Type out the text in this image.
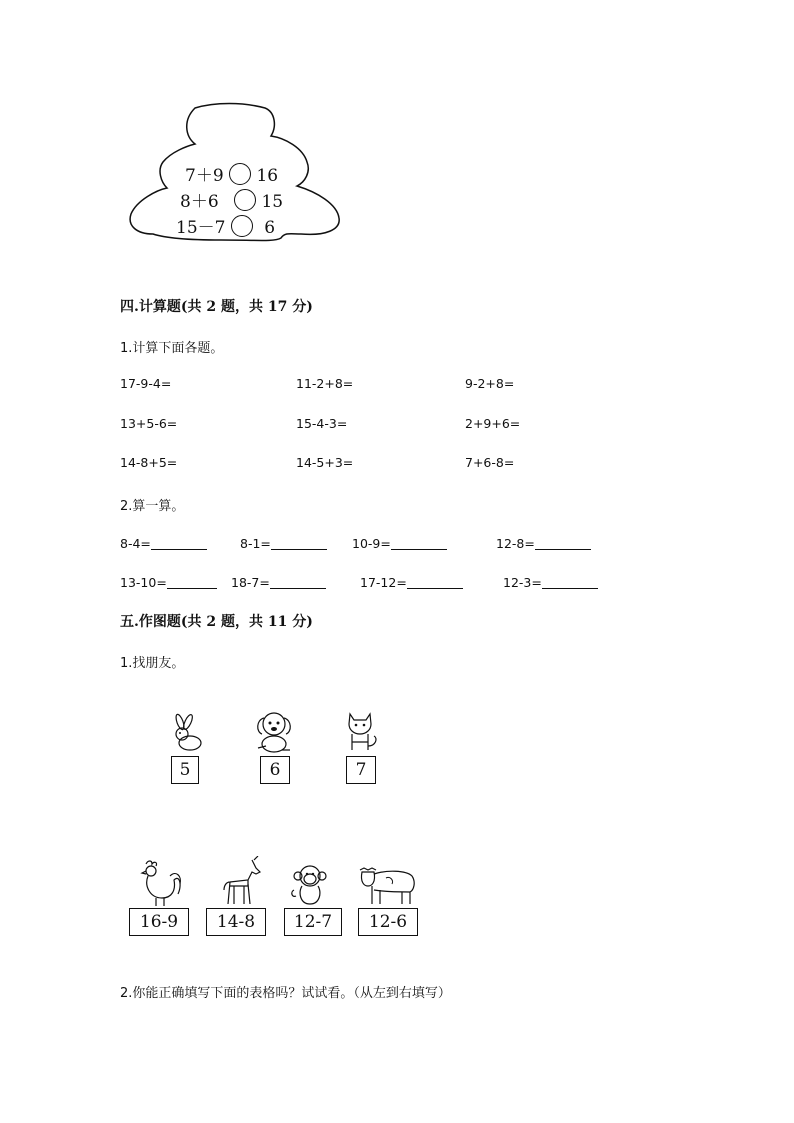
7＋9 16
8＋6	15
15－7 6
四.计算题(共 2 题，共 17 分)
1.计算下面各题。
17-9-4=	11-2+8=	9-2+8=
13+5-6=	15-4-3=	2+9+6=
14-8+5=	14-5+3=	7+6-8=
2.算一算。
8-4=	8-1=	10-9=	12-8=
13-10=	18-7=	17-12=	12-3=
五.作图题(共 2 题，共 11 分)
1.找朋友。
5	6	7
16-9	14-8	12-7	12-6
2.你能正确填写下面的表格吗？试试看。（从左到右填写）
